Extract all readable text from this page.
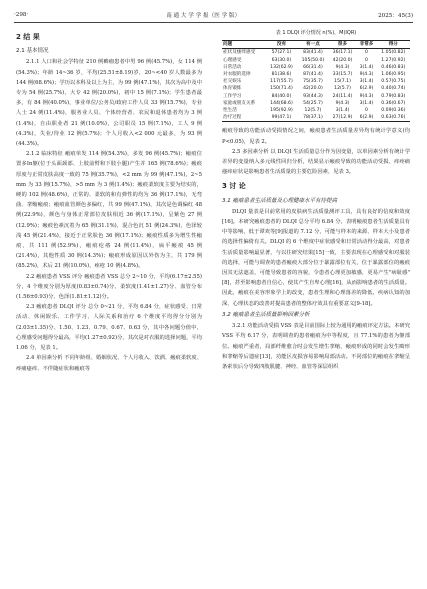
·298·	南 通 大 学 学 报（医 学 版）	2025：45(3)
2 结 果
2.1 基本情况

2.1.1 人口和社会学特征 210 例癣瘤患者中男 96 例(45.7%)，女 114 例(54.3%)；年龄 14~36 岁，平均(25.51±8.19)岁，20~<40 岁人数最多为 144 例(68.6%)；学历以本科及以上为主，为 99 例(47.1%)，其次为高中及中专为 54 例(25.7%)，大专 42 例(20.0%)，初中 15 例(7.1%)；学生患者最多，有 84 例(40.0%)，事业单位/公务员/政府工作人员 33 例(15.7%)，专业人士 24 例(11.4%)，服务业人员、个体经营者、农民和退休患者均为 3 例(1.4%)，自由职业者 21 例(10.0%)，公司职员 15 例(7.1%)，工人 9 例(4.3%)，失业/待业 12 例(5.7%)；个人月收入<2 000 元最多，为 93 例(44.3%)。

2.1.2 临床特征 瘢痕单发 114 例(54.3%)，多发 96 例(45.7%)；瘢痕位置多In躯(位于头面颈部、上肢前臂和下肢小腿)产生并 165 例(78.6%)；瘢痕厚度与正常皮肤高度一致的 75 例(35.7%)，<2 mm 为 99 例(47.1%)，2~5 mm 为 33 例(15.7%)，>5 mm 为 3 例(1.4%)；瘢痕柔软度主要为结实的，硬的 102 例(48.6%)，正常的、柔软的和有弹性的均为 36 例(17.1%)，无弯曲、挛缩瘢痕；瘢痕血管颜色多偏红，共 99 例(47.1%)，其次是色调偏红 48 例(22.9%)，颜色与身体正常部位皮肤相近 36 例(17.1%)，呈紫色 27 例(12.9%)；瘢痕色素沉着为 65 例(31.1%)，混合色沉 51 例(24.3%)，色泽较浅 45 例(21.4%)，接近于正常肤色 36 例(17.1%)；瘢痕性质多为增生性瘢痕，共 111 例(52.9%)，瘢痕疙瘩 24 例(11.4%)，扁平瘢痕 45 例(21.4%)，其他性质 30 例(14.3%)；瘢痕形成原因以外伤为主，共 179 例(85.2%)，术后 21 例(10.0%)，痤疮 10 例(4.8%)。

2.2 瘢痕患者 VSS 评分 瘢痕患者 VSS 总分 2~10 分，平均(6.17±2.55)分，4 个维度分别为厚度(0.83±0.74)分、柔软度(1.41±1.27)分、血管分布(1.56±0.93)分、色泽(1.81±1.12)分。

2.3 瘢痕患者 DLQI 评分 总分 0~21 分，平均 6.84 分，症状感受、日常活动、休闲娱乐、工作学习、人际关系和治疗 6 个维度平均得分分别为(2.03±1.35)分、1.50、1.23、0.79、0.67、0.63 分，其中各问题分值中，心理感受问题得分最高，平均(1.27±0.92)分，其次是对衣服的选择问题，平均 1.06 分，见表 1。

2.4 单因素分析 不同年龄组、婚姻状况、个人月收入、饮酒、瘢痕柔软度、疼痛瘙痒、不伴随症状和瘢痕等

表 1 DLQI 评分情况 n(%)，M(IQR)
问题	没有	有一点	很多	非常多	得分
症状及瘙痒感受	57(27.1)	83(41.4)	36(17.1)	0	1.05(0.82)
心理感受	63(30.0)	105(50.0)	42(20.0)	0	1.27(0.92)
日常活动	132(62.9)	66(31.4)	9(4.3)	3(1.4)	0.46(0.83)
对衣服的选择	81(38.6)	87(41.4)	33(15.7)	9(4.3)	1.06(0.95)
社交娱乐	117(55.7)	75(35.7)	15(7.1)	3(1.4)	0.57(0.75)
体育锻炼	150(71.4)	42(20.0)	12(5.7)	6(2.9)	0.40(0.74)
工作学习	84(40.0)	93(44.3)	24(11.4)	9(4.3)	0.79(0.83)
家庭或朋友关系	144(68.6)	54(25.7)	9(4.3)	3(1.4)	0.36(0.67)
性生活	195(92.9)	12(5.7)	3(1.4)	0	0.09(0.36)
治疗过程	99(47.1)	78(37.1)	27(12.9)	6(2.9)	0.63(0.76)

瘢痕导致的功能活动受损情况之间，瘢痕患者生活质量差异均有统计学意义(均 P<0.05)，见表 2。

2.5 多因素分析 以 DLQI 生活质量总分作为因变量，以单因素分析有统计学差异的变量纳入多元线性回归分析，结果显示瘢痕导致的功能活动受损、痒疼痛瘙痒症状是影响患者生活质量的主要危险因素，见表 3。

3 讨 论
3.1 瘢痕患者生活质量及心理健康水平有待提高

DLQI 量表是目前常用的皮肤病生活质量测评工具，具有良好的信度和效度[16]。本研究瘢痕患者的 DLQI 总分平均 6.84 分，表明瘢痕患者生活质量具有中等影响，低于谭欢等[9]报道的 7.12 分，可能与样本的来源、样本大小及患者的选择性偏倚有关。DLQI 的 6 个维度中症状感受和日常活动得分最高，对患者生活质量影响最显著，与以往研究结果[15]一致，主要表现在心理感受和对服装的选择，可能与调查的患者瘢痕大部分位于暴露部位有关，位于暴露部位的瘢痕因其无法遮盖，可能导致患者的容貌，令患者心理更加敏感，更易产生"病耻感"[8]，甚至影响患者自信心，使其产生自卑心理[16]，从而影响患者的生活质量。因此，瘢痕在美容形象学上的改变，患者生理和心理落差的降低，疾病认知的加深，心理状态的改善对提高患者的整体疗效具有重要意义[9-18]。

3.2 瘢痕患者生活质量影响因素分析

3.2.1 功能活动受损 VSS 表是目前国际上较为通用的瘢痕评定方法。本研究 VSS 平均 6.17 分，表明调查的患者瘢痕为中等程度，且 77.1%的患者为躯部位。瘢痕严重者，局部纤维愈合时会发生增生挛缩，瘢痕形成的同时会发生畸形和挛缩等后遗症[13]，功能区皮损容易影响局部活动。不同部位的瘢痕在挛缩呈条索状后分导致四肢肌腱、神经、血管等深层组织
